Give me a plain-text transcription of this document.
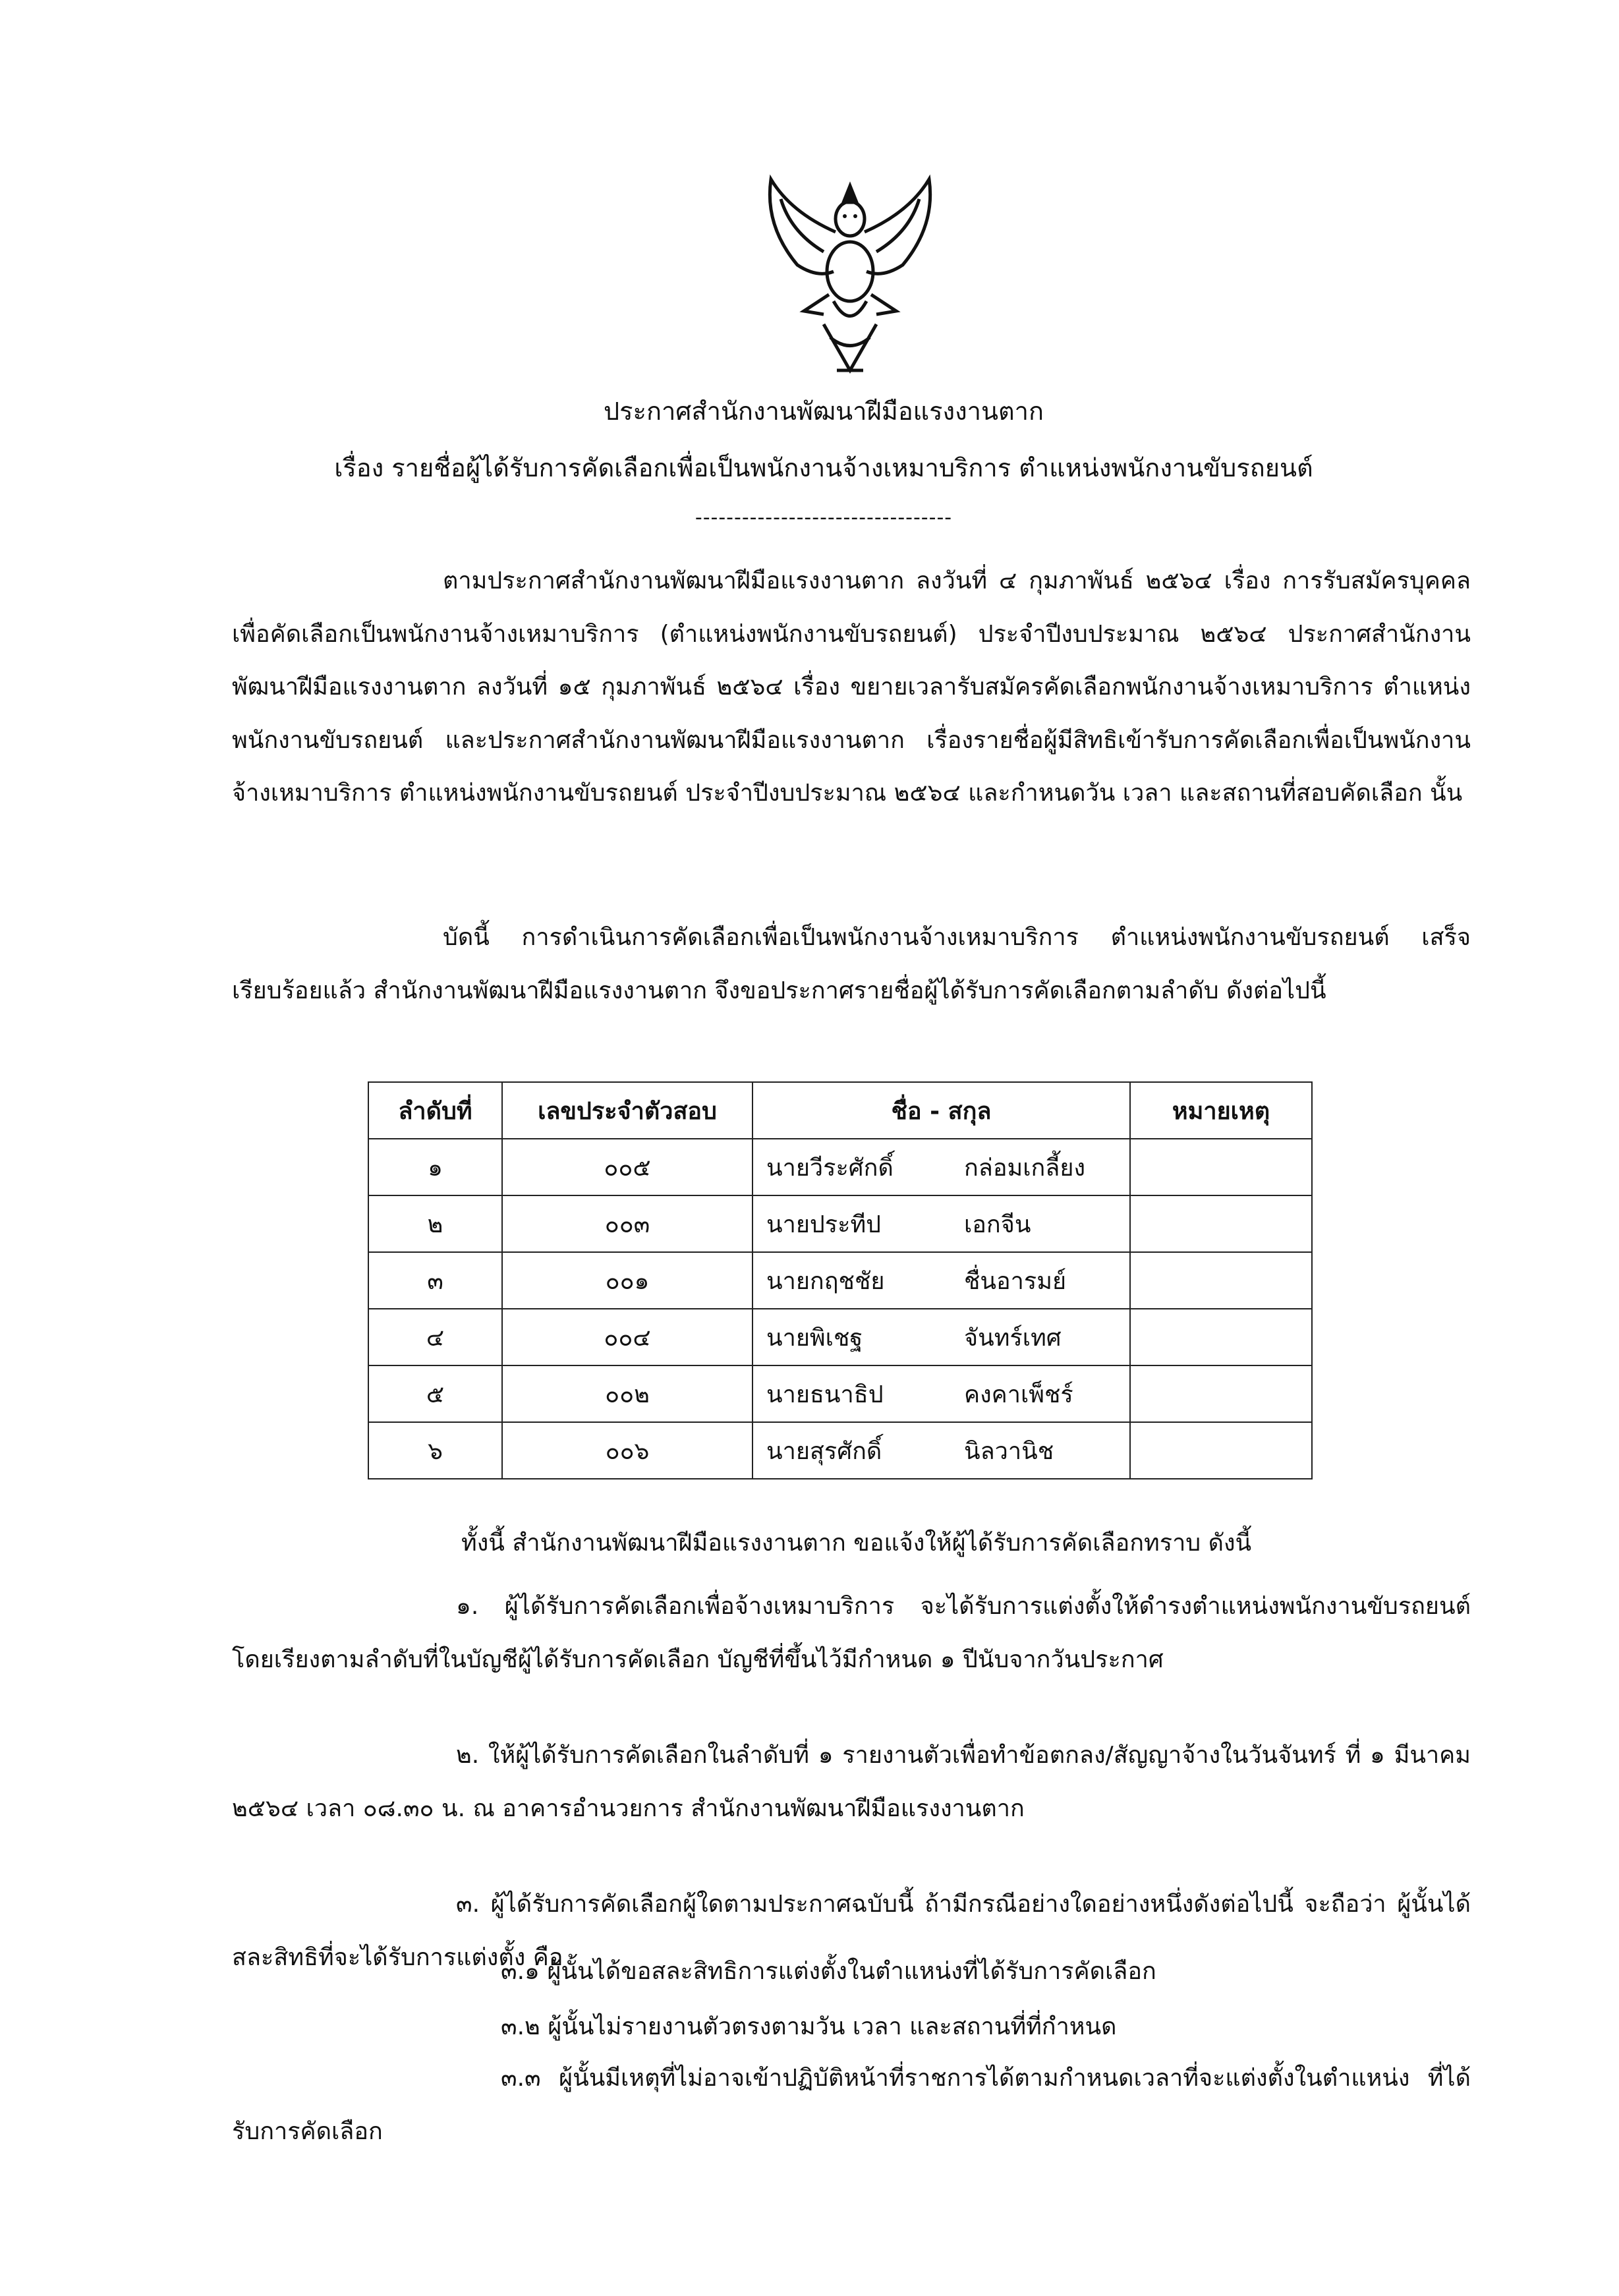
ประกาศสำนักงานพัฒนาฝีมือแรงงานตาก
เรื่อง รายชื่อผู้ได้รับการคัดเลือกเพื่อเป็นพนักงานจ้างเหมาบริการ ตำแหน่งพนักงานขับรถยนต์
---------------------------------

ตามประกาศสำนักงานพัฒนาฝีมือแรงงานตาก ลงวันที่ ๔ กุมภาพันธ์ ๒๕๖๔ เรื่อง การรับสมัครบุคคลเพื่อคัดเลือกเป็นพนักงานจ้างเหมาบริการ (ตำแหน่งพนักงานขับรถยนต์) ประจำปีงบประมาณ ๒๕๖๔ ประกาศสำนักงานพัฒนาฝีมือแรงงานตาก ลงวันที่ ๑๕ กุมภาพันธ์ ๒๕๖๔ เรื่อง ขยายเวลารับสมัครคัดเลือกพนักงานจ้างเหมาบริการ ตำแหน่งพนักงานขับรถยนต์ และประกาศสำนักงานพัฒนาฝีมือแรงงานตาก เรื่องรายชื่อผู้มีสิทธิเข้ารับการคัดเลือกเพื่อเป็นพนักงานจ้างเหมาบริการ ตำแหน่งพนักงานขับรถยนต์ ประจำปีงบประมาณ ๒๕๖๔ และกำหนดวัน เวลา และสถานที่สอบคัดเลือก นั้น

บัดนี้ การดำเนินการคัดเลือกเพื่อเป็นพนักงานจ้างเหมาบริการ ตำแหน่งพนักงานขับรถยนต์ เสร็จเรียบร้อยแล้ว สำนักงานพัฒนาฝีมือแรงงานตาก จึงขอประกาศรายชื่อผู้ได้รับการคัดเลือกตามลำดับ ดังต่อไปนี้

ลำดับที่	เลขประจำตัวสอบ	ชื่อ - สกุล	หมายเหตุ
๑	๐๐๕	นายวีระศักดิ์ กล่อมเกลี้ยง	
๒	๐๐๓	นายประทีป เอกจีน	
๓	๐๐๑	นายกฤชชัย ชื่นอารมย์	
๔	๐๐๔	นายพิเชฐ จันทร์เทศ	
๕	๐๐๒	นายธนาธิป คงคาเพ็ชร์	
๖	๐๐๖	นายสุรศักดิ์ นิลวานิช	
ทั้งนี้ สำนักงานพัฒนาฝีมือแรงงานตาก ขอแจ้งให้ผู้ได้รับการคัดเลือกทราบ ดังนี้

๑. ผู้ได้รับการคัดเลือกเพื่อจ้างเหมาบริการ จะได้รับการแต่งตั้งให้ดำรงตำแหน่งพนักงานขับรถยนต์ โดยเรียงตามลำดับที่ในบัญชีผู้ได้รับการคัดเลือก บัญชีที่ขึ้นไว้มีกำหนด ๑ ปีนับจากวันประกาศ

๒. ให้ผู้ได้รับการคัดเลือกในลำดับที่ ๑ รายงานตัวเพื่อทำข้อตกลง/สัญญาจ้างในวันจันทร์ ที่ ๑ มีนาคม ๒๕๖๔ เวลา ๐๘.๓๐ น. ณ อาคารอำนวยการ สำนักงานพัฒนาฝีมือแรงงานตาก

๓. ผู้ได้รับการคัดเลือกผู้ใดตามประกาศฉบับนี้ ถ้ามีกรณีอย่างใดอย่างหนึ่งดังต่อไปนี้ จะถือว่า ผู้นั้นได้สละสิทธิที่จะได้รับการแต่งตั้ง คือ

๓.๑ ผู้นั้นได้ขอสละสิทธิการแต่งตั้งในตำแหน่งที่ได้รับการคัดเลือก
๓.๒ ผู้นั้นไม่รายงานตัวตรงตามวัน เวลา และสถานที่ที่กำหนด

๓.๓ ผู้นั้นมีเหตุที่ไม่อาจเข้าปฏิบัติหน้าที่ราชการได้ตามกำหนดเวลาที่จะแต่งตั้งในตำแหน่ง ที่ได้รับการคัดเลือก
